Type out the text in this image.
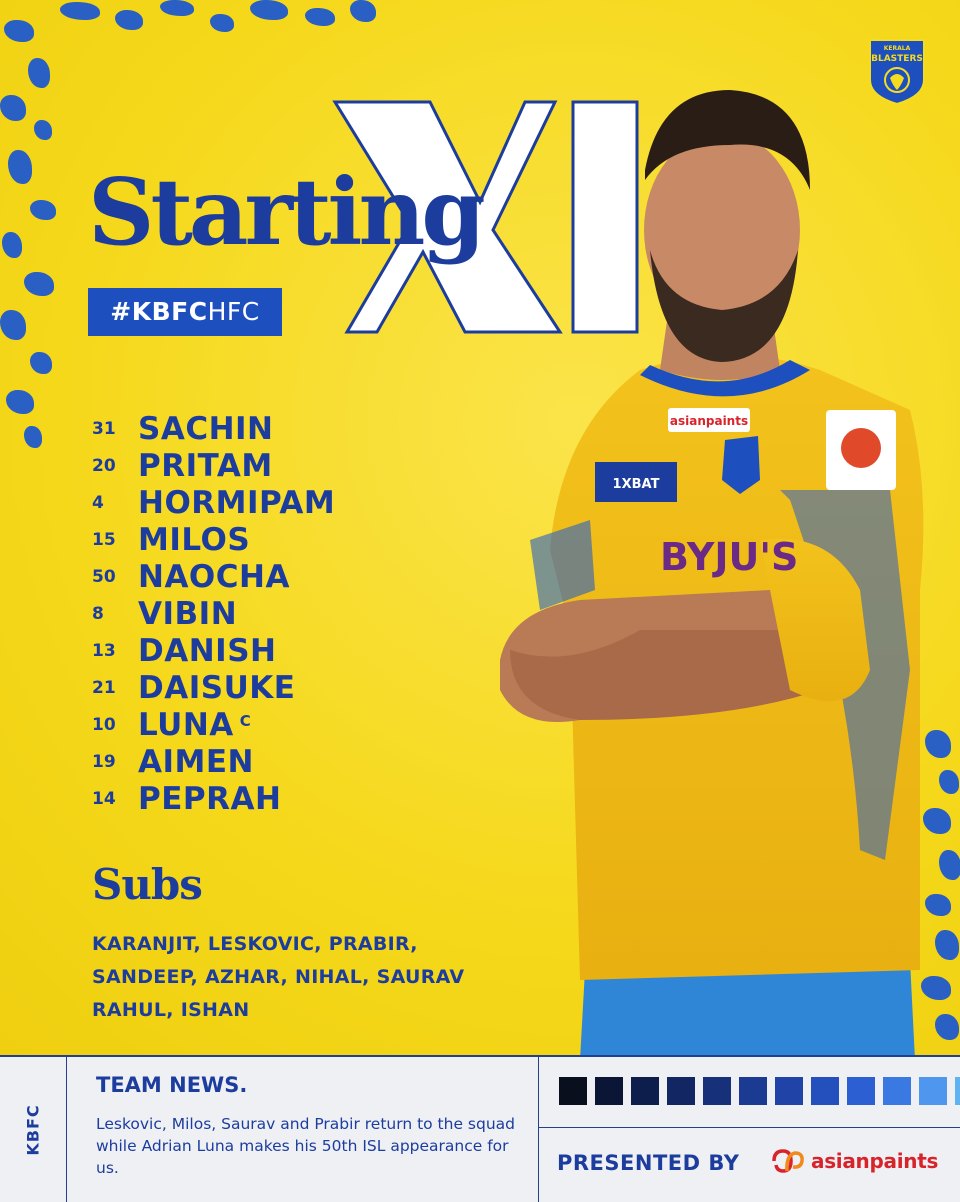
KERALA
BLASTERS
XI
Starting
#KBFCHFC
31 SACHIN
20 PRITAM
4	HORMIPAM
15 MILOS
50 NAOCHA
8	VIBIN
13 DANISH
21 DAISUKE
10 LUNA C
19 AIMEN
14 PEPRAH
Subs

KARANJIT, LESKOVIC, PRABIR,
SANDEEP, AZHAR, NIHAL, SAURAV
RAHUL, ISHAN

asianpaints
1XBAT
BYJU'S
KBFC
TEAM NEWS.

Leskovic, Milos, Saurav and Prabir return to the squad while Adrian Luna makes his 50th ISL appearance for us.	PRESENTED BY	asianpaints
